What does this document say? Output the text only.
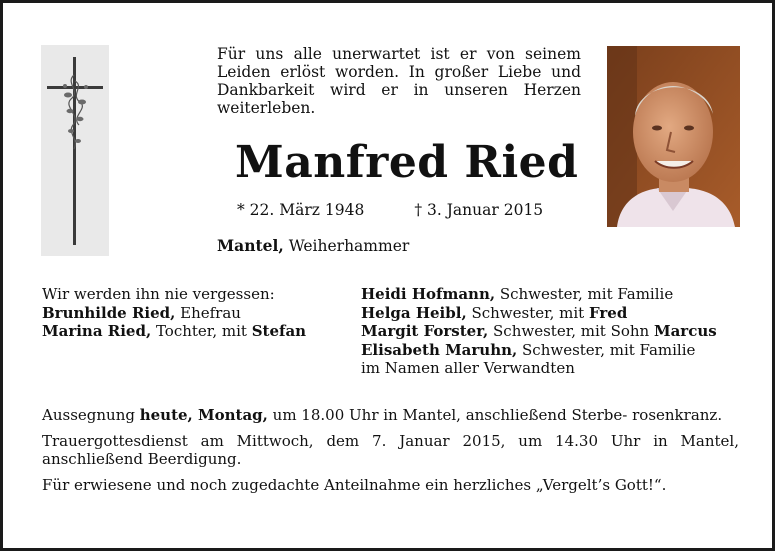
Für uns alle unerwartet ist er von seinem Leiden erlöst worden. In großer Liebe und Dankbarkeit wird er in unseren Herzen weiterleben.
Manfred Ried
* 22. März 1948	† 3. Januar 2015
Mantel, Weiherhammer
Wir werden ihn nie vergessen:
Brunhilde Ried, Ehefrau
Marina Ried, Tochter, mit Stefan
Heidi Hofmann, Schwester, mit Familie
Helga Heibl, Schwester, mit Fred
Margit Forster, Schwester, mit Sohn Marcus
Elisabeth Maruhn, Schwester, mit Familie
im Namen aller Verwandten

Aussegnung heute, Montag, um 18.00 Uhr in Mantel, anschließend Sterbe- rosenkranz.

Trauergottesdienst am Mittwoch, dem 7. Januar 2015, um 14.30 Uhr in Mantel, anschließend Beerdigung.

Für erwiesene und noch zugedachte Anteilnahme ein herzliches „Vergelt’s Gott!“.
